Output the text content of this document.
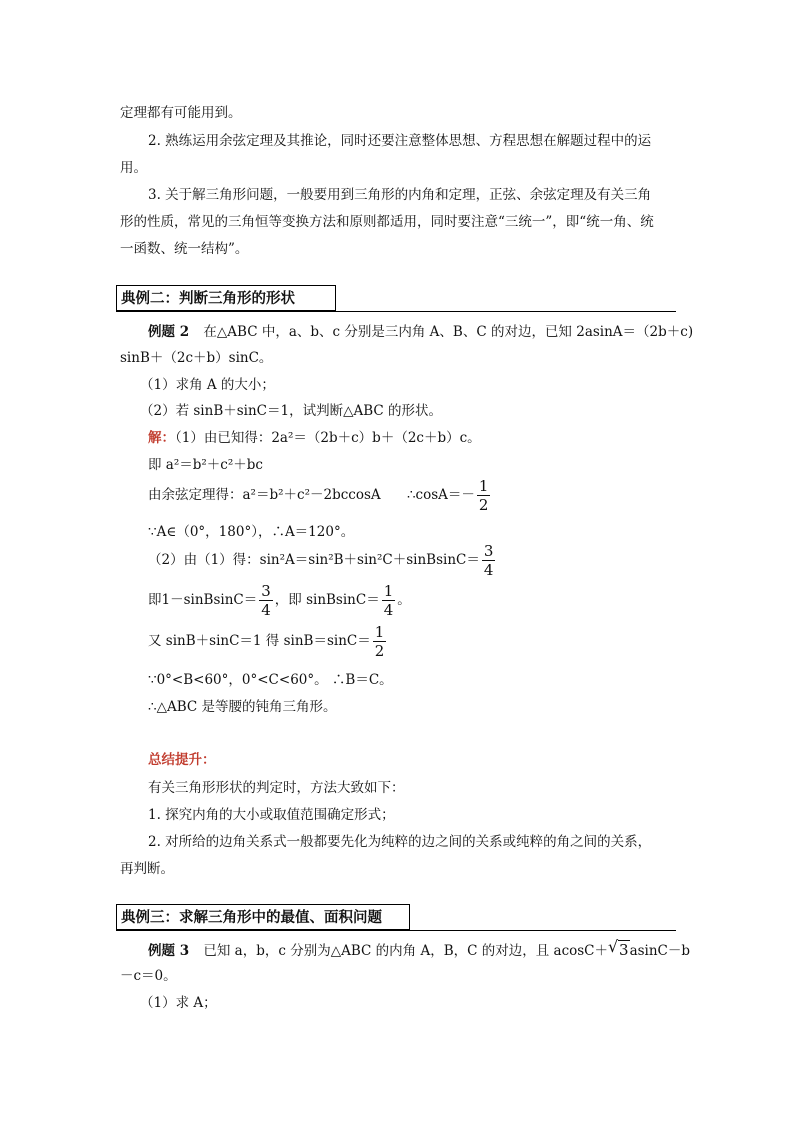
定理都有可能用到。
2. 熟练运用余弦定理及其推论，同时还要注意整体思想、方程思想在解题过程中的运
用。
3. 关于解三角形问题，一般要用到三角形的内角和定理，正弦、余弦定理及有关三角
形的性质，常见的三角恒等变换方法和原则都适用，同时要注意“三统一”，即“统一角、统
一函数、统一结构”。
典例二：判断三角形的形状
例题 2 在△ABC 中，a、b、c 分别是三内角 A、B、C 的对边，已知 2asinA＝（2b＋c)
sinB＋（2c＋b）sinC。
（1）求角 A 的大小；
（2）若 sinB＋sinC＝1，试判断△ABC 的形状。
解：（1）由已知得：2a²＝（2b＋c）b＋（2c＋b）c。
即 a²＝b²＋c²＋bc
由余弦定理得：a²＝b²＋c²－2bccosA ∴cosA＝－ $\frac{1}{2}$
∵A∈（0°，180°），∴A＝120°。
（2）由（1）得：sin²A＝sin²B＋sin²C＋sinBsinC＝ $\frac{3}{4}$
即1－sinBsinC＝ $\frac{3}{4}$ ，即 sinBsinC＝ $\frac{1}{4}$ 。
又 sinB＋sinC＝1 得 $\sin B=\sin C= \frac{1}{2}$
∵0°<B<60°，0°<C<60°。 ∴B＝C。
∴△ABC 是等腰的钝角三角形。
总结提升：
有关三角形形状的判定时，方法大致如下：
1. 探究内角的大小或取值范围确定形式；
2. 对所给的边角关系式一般都要先化为纯粹的边之间的关系或纯粹的角之间的关系，
再判断。
典例三：求解三角形中的最值、面积问题
例题 3 已知 a，b，c 分别为△ABC 的内角 A，B，C 的对边，且 acosC＋ √ 3asinC－b
－c＝0。
（1）求 A；
